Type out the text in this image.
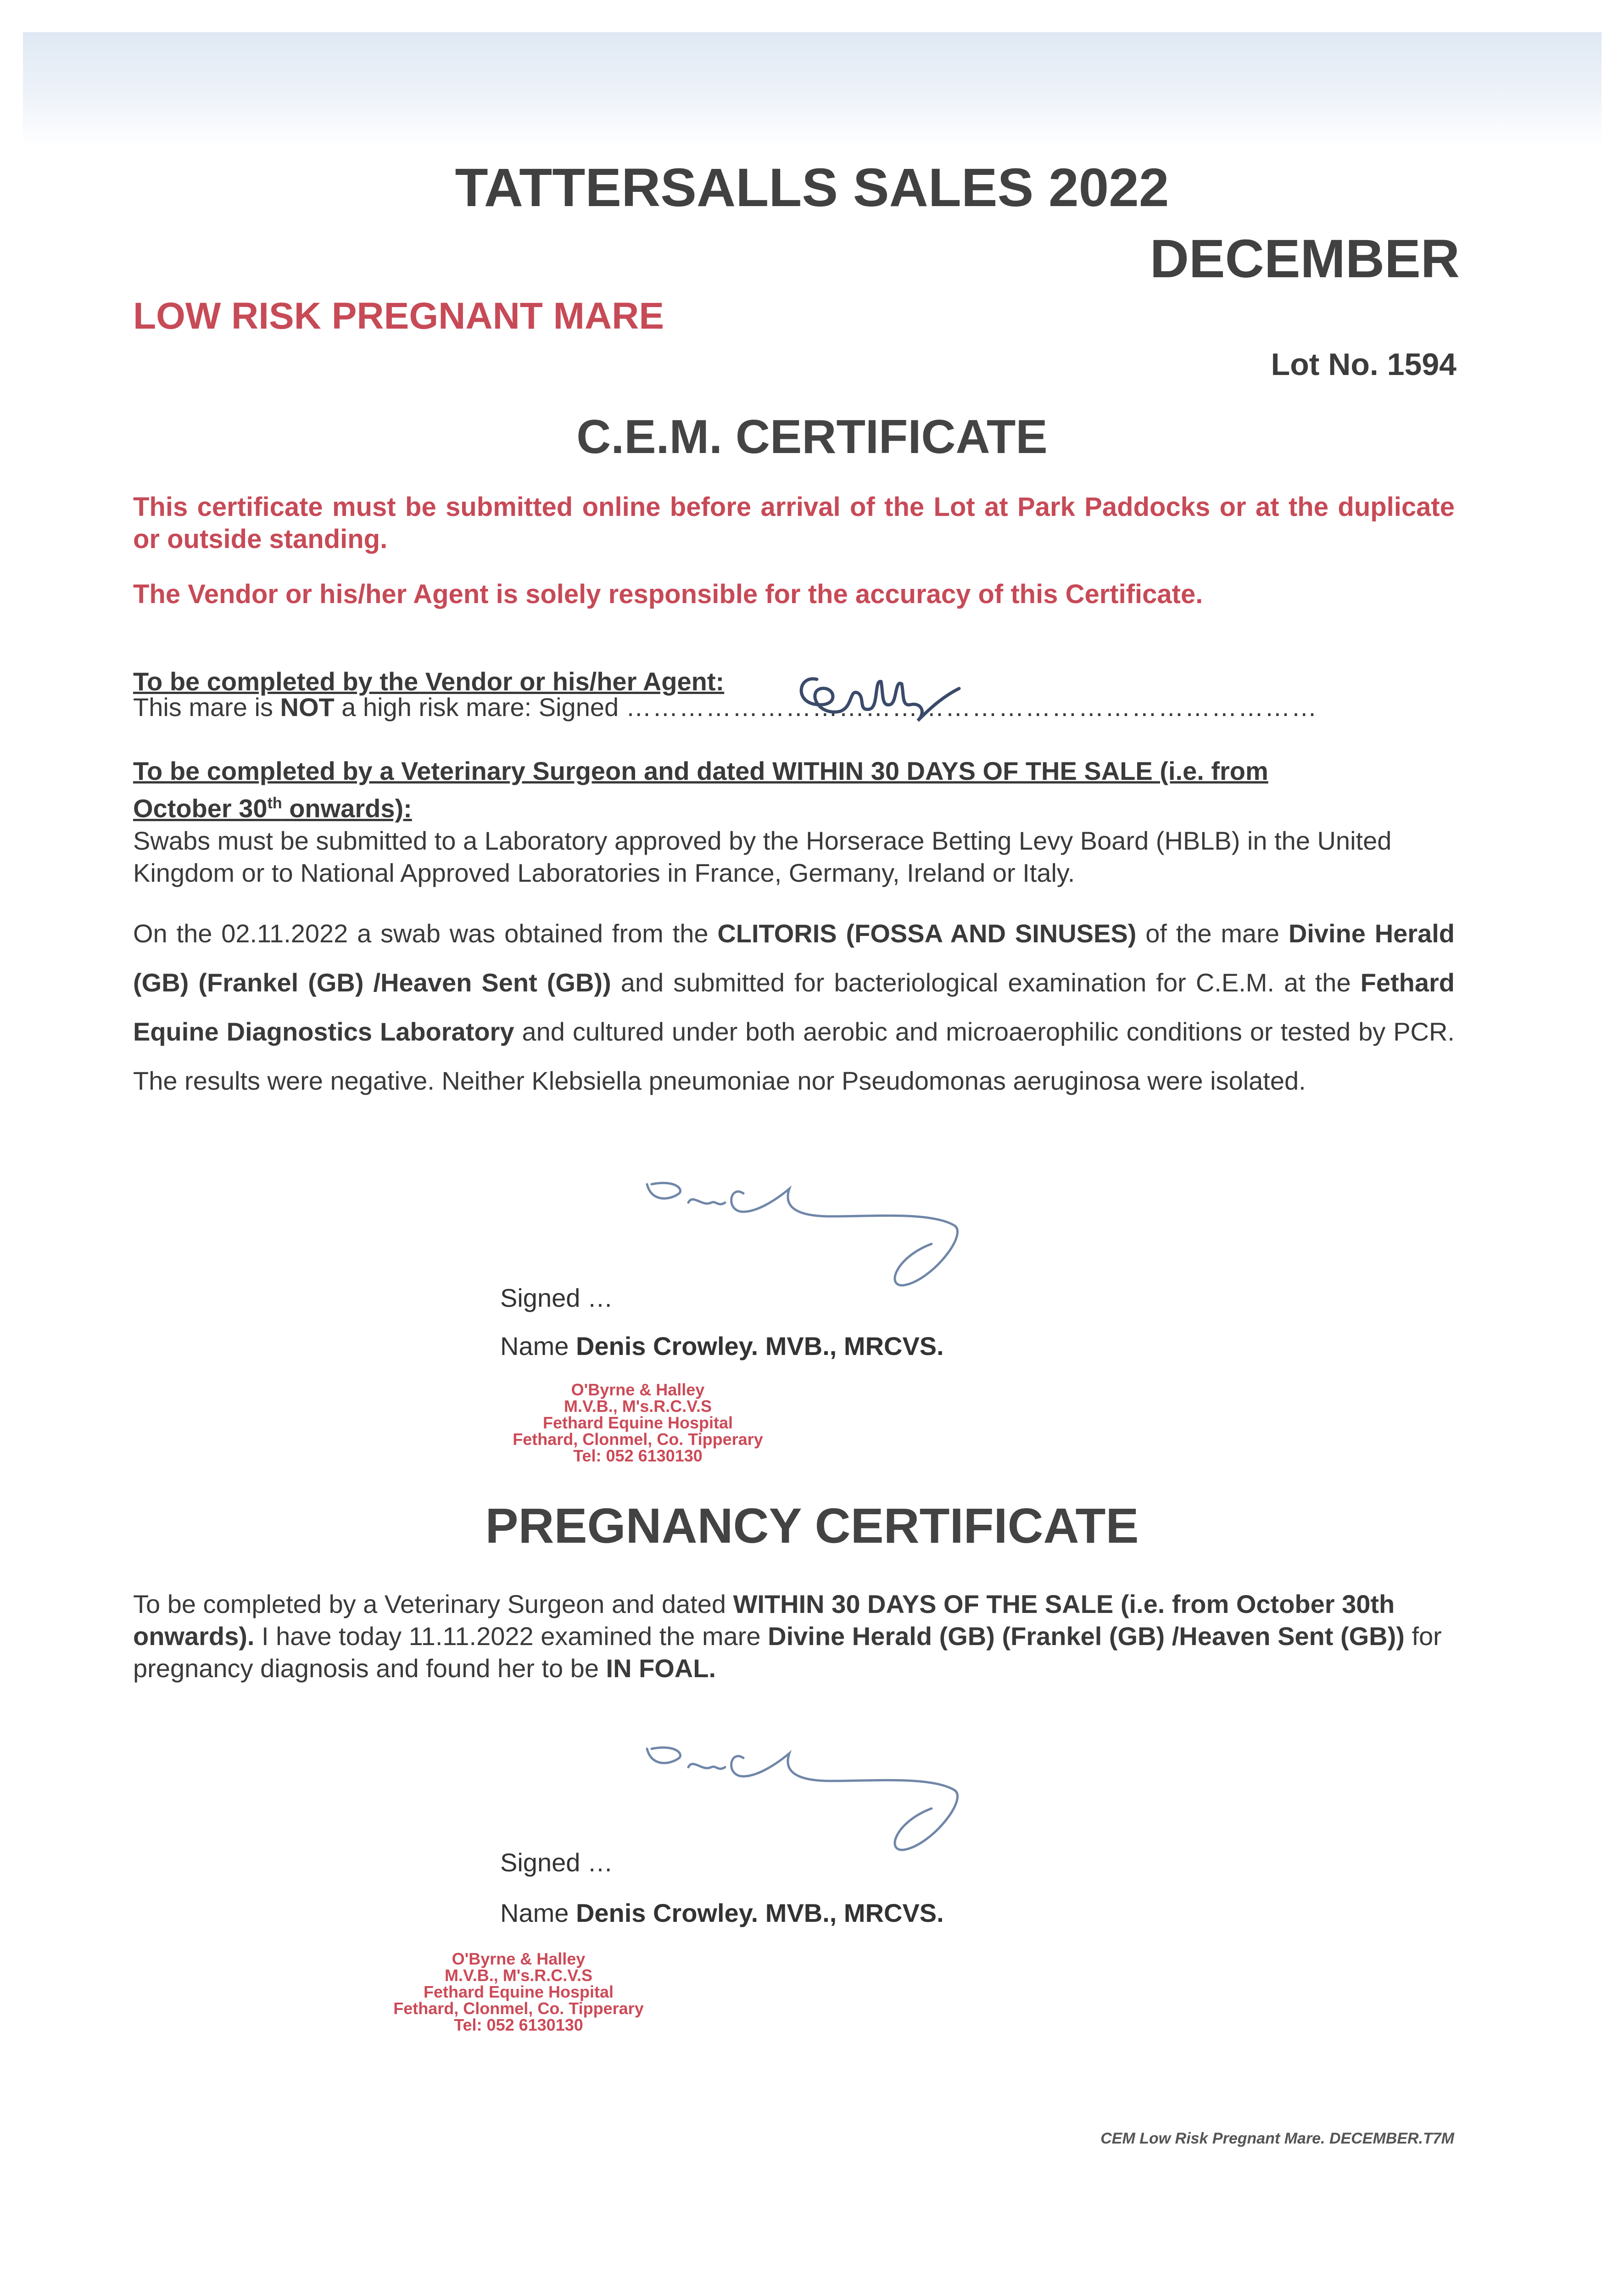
TATTERSALLS SALES 2022
DECEMBER
LOW RISK PREGNANT MARE
Lot No. 1594
C.E.M. CERTIFICATE
This certificate must be submitted online before arrival of the Lot at Park Paddocks or at the duplicate or outside standing.
The Vendor or his/her Agent is solely responsible for the accuracy of this Certificate.
To be completed by the Vendor or his/her Agent:
This mare is NOT a high risk mare: Signed ……………………………………………………………………
To be completed by a Veterinary Surgeon and dated WITHIN 30 DAYS OF THE SALE (i.e. from
October 30th onwards):
Swabs must be submitted to a Laboratory approved by the Horserace Betting Levy Board (HBLB) in the United Kingdom or to National Approved Laboratories in France, Germany, Ireland or Italy.
On the 02.11.2022 a swab was obtained from the CLITORIS (FOSSA AND SINUSES) of the mare Divine Herald (GB) (Frankel (GB) /Heaven Sent (GB)) and submitted for bacteriological examination for C.E.M. at the Fethard Equine Diagnostics Laboratory and cultured under both aerobic and microaerophilic conditions or tested by PCR. The results were negative. Neither Klebsiella pneumoniae nor Pseudomonas aeruginosa were isolated.
Signed …
Name Denis Crowley. MVB., MRCVS.
O'Byrne & Halley
M.V.B., M's.R.C.V.S
Fethard Equine Hospital
Fethard, Clonmel, Co. Tipperary
Tel: 052 6130130
PREGNANCY CERTIFICATE
To be completed by a Veterinary Surgeon and dated WITHIN 30 DAYS OF THE SALE (i.e. from October 30th onwards). I have today 11.11.2022 examined the mare Divine Herald (GB) (Frankel (GB) /Heaven Sent (GB)) for pregnancy diagnosis and found her to be IN FOAL.
Signed …
Name Denis Crowley. MVB., MRCVS.
O'Byrne & Halley
M.V.B., M's.R.C.V.S
Fethard Equine Hospital
Fethard, Clonmel, Co. Tipperary
Tel: 052 6130130
CEM Low Risk Pregnant Mare. DECEMBER.T7M
